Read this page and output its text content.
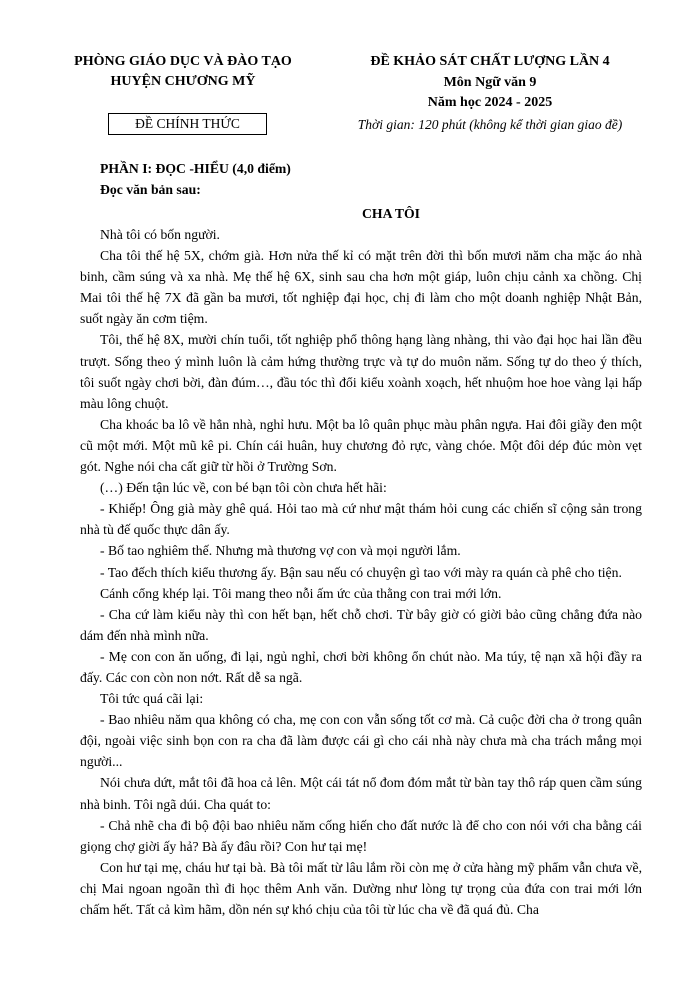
PHÒNG GIÁO DỤC VÀ ĐÀO TẠO
HUYỆN CHƯƠNG MỸ
ĐỀ CHÍNH THỨC
ĐỀ KHẢO SÁT CHẤT LƯỢNG LẦN 4
Môn Ngữ văn 9
Năm học 2024 - 2025
Thời gian: 120 phút (không kể thời gian giao đề)

PHẦN I: ĐỌC -HIỂU (4,0 điểm)

Đọc văn bản sau:

CHA TÔI

Nhà tôi có bốn người.

Cha tôi thế hệ 5X, chớm già. Hơn nửa thế kỉ có mặt trên đời thì bốn mươi năm cha mặc áo nhà binh, cầm súng và xa nhà. Mẹ thế hệ 6X, sinh sau cha hơn một giáp, luôn chịu cảnh xa chồng. Chị Mai tôi thế hệ 7X đã gần ba mươi, tốt nghiệp đại học, chị đi làm cho một doanh nghiệp Nhật Bản, suốt ngày ăn cơm tiệm.

Tôi, thế hệ 8X, mười chín tuổi, tốt nghiệp phổ thông hạng làng nhàng, thi vào đại học hai lần đều trượt. Sống theo ý mình luôn là cảm hứng thường trực và tự do muôn năm. Sống tự do theo ý thích, tôi suốt ngày chơi bời, đàn đúm…, đầu tóc thì đổi kiểu xoành xoạch, hết nhuộm hoe hoe vàng lại hấp màu lông chuột.

Cha khoác ba lô về hẳn nhà, nghỉ hưu. Một ba lô quân phục màu phân ngựa. Hai đôi giầy đen một cũ một mới. Một mũ kê pi. Chín cái huân, huy chương đỏ rực, vàng chóe. Một đôi dép đúc mòn vẹt gót. Nghe nói cha cất giữ từ hồi ở Trường Sơn.

(…) Đến tận lúc về, con bé bạn tôi còn chưa hết hãi:

- Khiếp! Ông già mày ghê quá. Hỏi tao mà cứ như mật thám hỏi cung các chiến sĩ cộng sản trong nhà tù đế quốc thực dân ấy.

- Bố tao nghiêm thế. Nhưng mà thương vợ con và mọi người lắm.

- Tao đếch thích kiểu thương ấy. Bận sau nếu có chuyện gì tao với mày ra quán cà phê cho tiện.

Cánh cổng khép lại. Tôi mang theo nỗi ấm ức của thằng con trai mới lớn.

- Cha cứ làm kiểu này thì con hết bạn, hết chỗ chơi. Từ bây giờ có giời bảo cũng chẳng đứa nào dám đến nhà mình nữa.

- Mẹ con con ăn uống, đi lại, ngủ nghỉ, chơi bời không ổn chút nào. Ma túy, tệ nạn xã hội đầy ra đấy. Các con còn non nớt. Rất dễ sa ngã.

Tôi tức quá cãi lại:

- Bao nhiêu năm qua không có cha, mẹ con con vẫn sống tốt cơ mà. Cả cuộc đời cha ở trong quân đội, ngoài việc sinh bọn con ra cha đã làm được cái gì cho cái nhà này chưa mà cha trách mắng mọi người...

Nói chưa dứt, mắt tôi đã hoa cả lên. Một cái tát nổ đom đóm mắt từ bàn tay thô ráp quen cầm súng nhà binh. Tôi ngã dúi. Cha quát to:

- Chả nhẽ cha đi bộ đội bao nhiêu năm cống hiến cho đất nước là để cho con nói với cha bằng cái giọng chợ giời ấy hả? Bà ấy đâu rồi? Con hư tại mẹ!

Con hư tại mẹ, cháu hư tại bà. Bà tôi mất từ lâu lắm rồi còn mẹ ở cửa hàng mỹ phẩm vẫn chưa về, chị Mai ngoan ngoãn thì đi học thêm Anh văn. Dường như lòng tự trọng của đứa con trai mới lớn chấm hết. Tất cả kìm hãm, dồn nén sự khó chịu của tôi từ lúc cha về đã quá đủ. Cha
